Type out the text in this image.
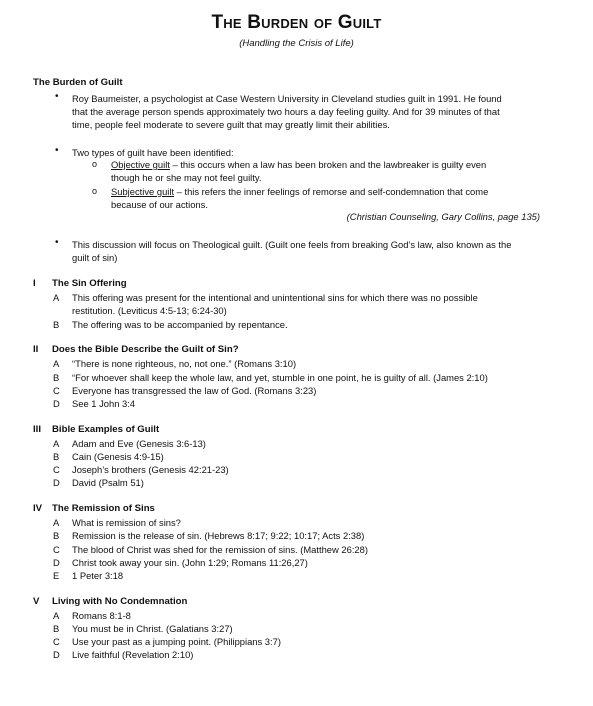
The Burden of Guilt
(Handling the Crisis of Life)
The Burden of Guilt
• Roy Baumeister, a psychologist at Case Western University in Cleveland studies guilt in 1991. He found
that the average person spends approximately two hours a day feeling guilty. And for 39 minutes of that
time, people feel moderate to severe guilt that may greatly limit their abilities.
• Two types of guilt have been identified:
o Objective guilt – this occurs when a law has been broken and the lawbreaker is guilty even
though he or she may not feel guilty.
o Subjective guilt – this refers the inner feelings of remorse and self-condemnation that come
because of our actions.
(Christian Counseling, Gary Collins, page 135)
• This discussion will focus on Theological guilt. (Guilt one feels from breaking God’s law, also known as the
guilt of sin)
I The Sin Offering
A This offering was present for the intentional and unintentional sins for which there was no possible
restitution. (Leviticus 4:5-13; 6:24-30)
B The offering was to be accompanied by repentance.
II Does the Bible Describe the Guilt of Sin?
A “There is none righteous, no, not one.” (Romans 3:10)
B “For whoever shall keep the whole law, and yet, stumble in one point, he is guilty of all. (James 2:10)
C Everyone has transgressed the law of God. (Romans 3:23)
D See 1 John 3:4
III Bible Examples of Guilt
A Adam and Eve (Genesis 3:6-13)
B Cain (Genesis 4:9-15)
C Joseph’s brothers (Genesis 42:21-23)
D David (Psalm 51)
IV The Remission of Sins
A What is remission of sins?
B Remission is the release of sin. (Hebrews 8:17; 9:22; 10:17; Acts 2:38)
C The blood of Christ was shed for the remission of sins. (Matthew 26:28)
D Christ took away your sin. (John 1:29; Romans 11:26,27)
E 1 Peter 3:18
V Living with No Condemnation
A Romans 8:1-8
B You must be in Christ. (Galatians 3:27)
C Use your past as a jumping point. (Philippians 3:7)
D Live faithful (Revelation 2:10)
